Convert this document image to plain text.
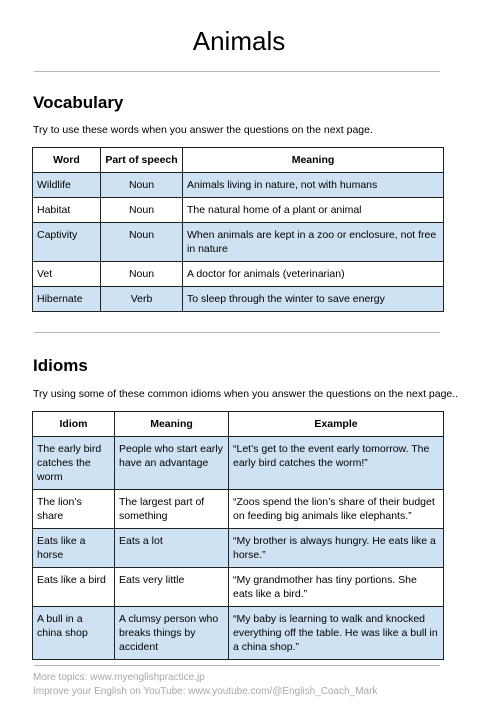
Animals
Vocabulary
Try to use these words when you answer the questions on the next page.
Word	Part of speech	Meaning
Wildlife	Noun	Animals living in nature, not with humans
Habitat	Noun	The natural home of a plant or animal
Captivity	Noun	When animals are kept in a zoo or enclosure, not free in nature
Vet	Noun	A doctor for animals (veterinarian)
Hibernate	Verb	To sleep through the winter to save energy
Idioms
Try using some of these common idioms when you answer the questions on the next page..
Idiom	Meaning	Example
The early bird catches the worm	People who start early have an advantage	“Let’s get to the event early tomorrow. The early bird catches the worm!”
The lion’s share	The largest part of something	“Zoos spend the lion’s share of their budget on feeding big animals like elephants.”
Eats like a horse	Eats a lot	“My brother is always hungry. He eats like a horse.”
Eats like a bird	Eats very little	“My grandmother has tiny portions. She eats like a bird.”
A bull in a china shop	A clumsy person who breaks things by accident	“My baby is learning to walk and knocked everything off the table. He was like a bull in a china shop.”
More topics: www.myenglishpractice.jp
Improve your English on YouTube: www.youtube.com/@English_Coach_Mark
